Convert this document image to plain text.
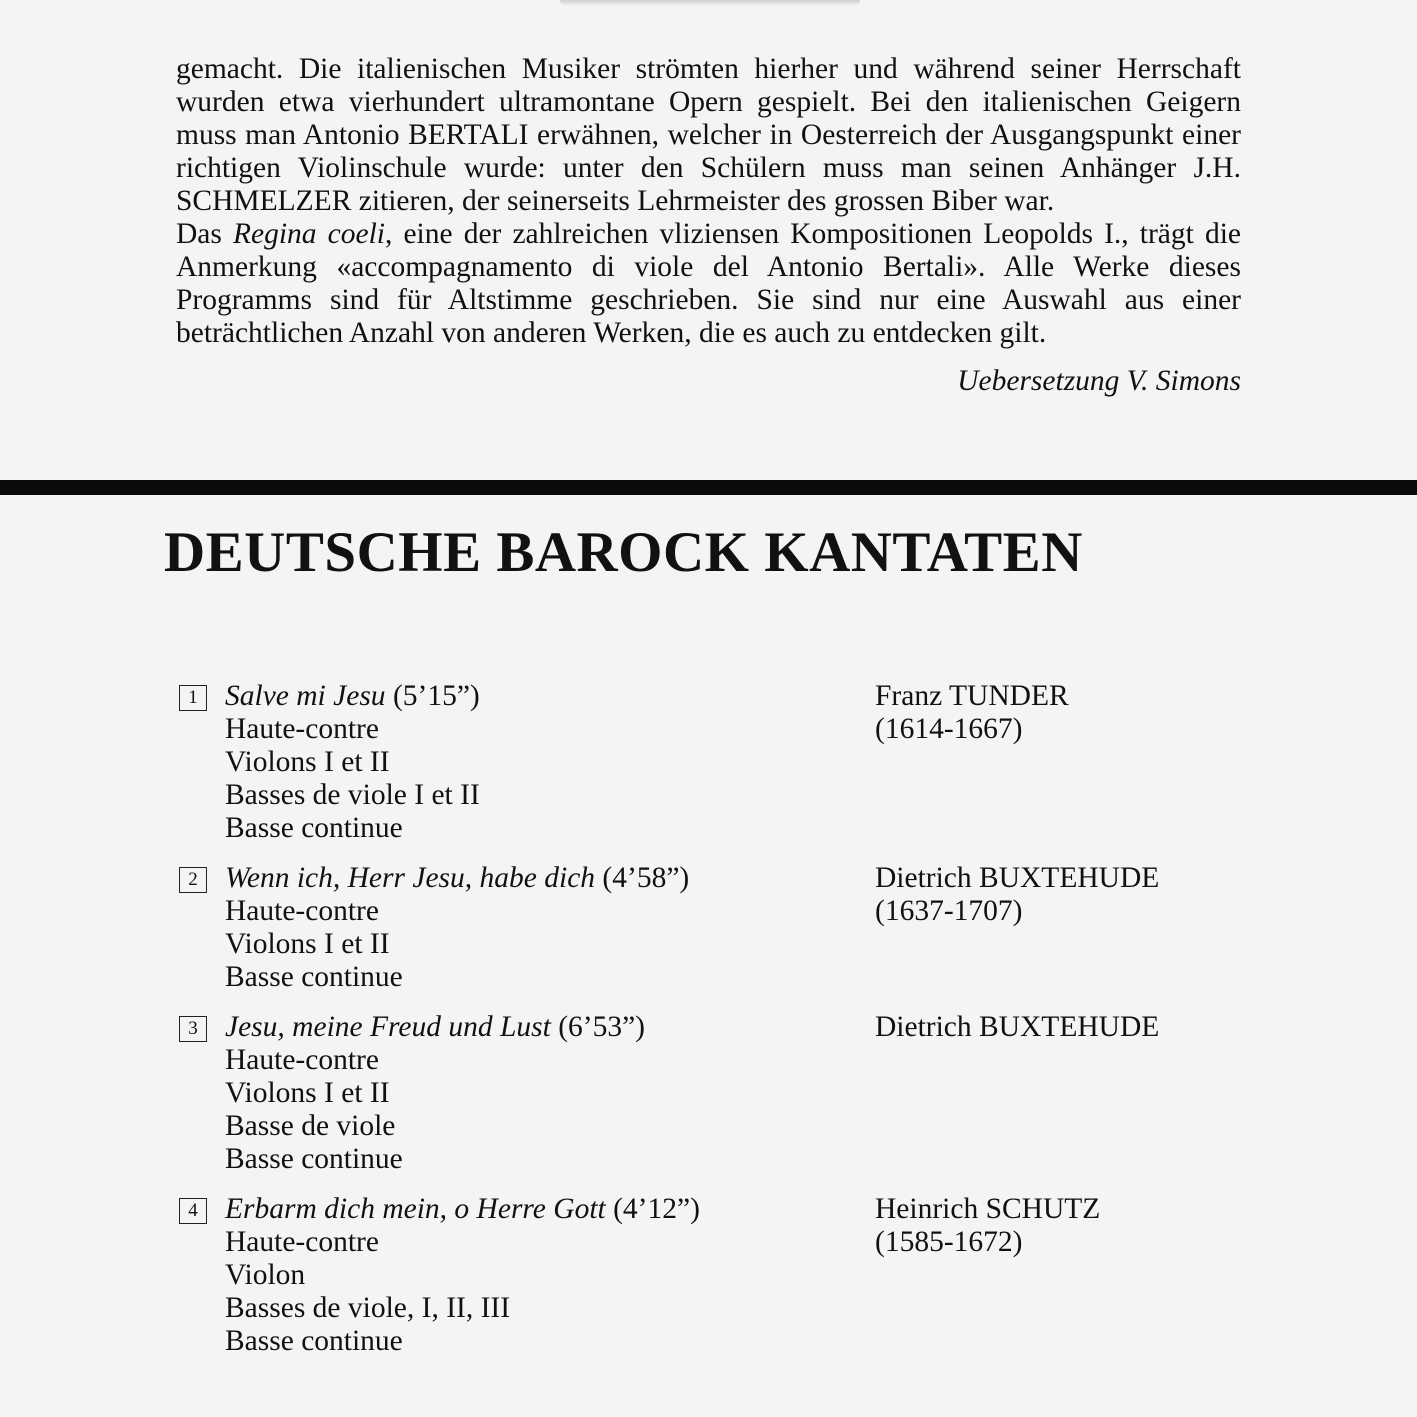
gemacht. Die italienischen Musiker strömten hierher und während seiner Herrschaft wurden etwa vierhundert ultramontane Opern gespielt. Bei den italienischen Geigern muss man Antonio BERTALI erwähnen, welcher in Oesterreich der Ausgangspunkt einer richtigen Violinschule wurde: unter den Schülern muss man seinen Anhänger J.H. SCHMELZER zitieren, der seinerseits Lehrmeister des grossen Biber war.

Das Regina coeli, eine der zahlreichen vliziensen Kompositionen Leopolds I., trägt die Anmerkung «accompagnamento di viole del Antonio Bertali». Alle Werke dieses Programms sind für Altstimme geschrieben. Sie sind nur eine Auswahl aus einer beträchtlichen Anzahl von anderen Werken, die es auch zu entdecken gilt.

Uebersetzung V. Simons
DEUTSCHE BAROCK KANTATEN
1 Salve mi Jesu (5’15”)
Haute-contre
Violons I et II
Basses de viole I et II
Basse continue
Franz TUNDER
(1614-1667)
2 Wenn ich, Herr Jesu, habe dich (4’58”)
Haute-contre
Violons I et II
Basse continue
Dietrich BUXTEHUDE
(1637-1707)
3 Jesu, meine Freud und Lust (6’53”)
Haute-contre
Violons I et II
Basse de viole
Basse continue
Dietrich BUXTEHUDE
4 Erbarm dich mein, o Herre Gott (4’12”)
Haute-contre
Violon
Basses de viole, I, II, III
Basse continue
Heinrich SCHUTZ
(1585-1672)
